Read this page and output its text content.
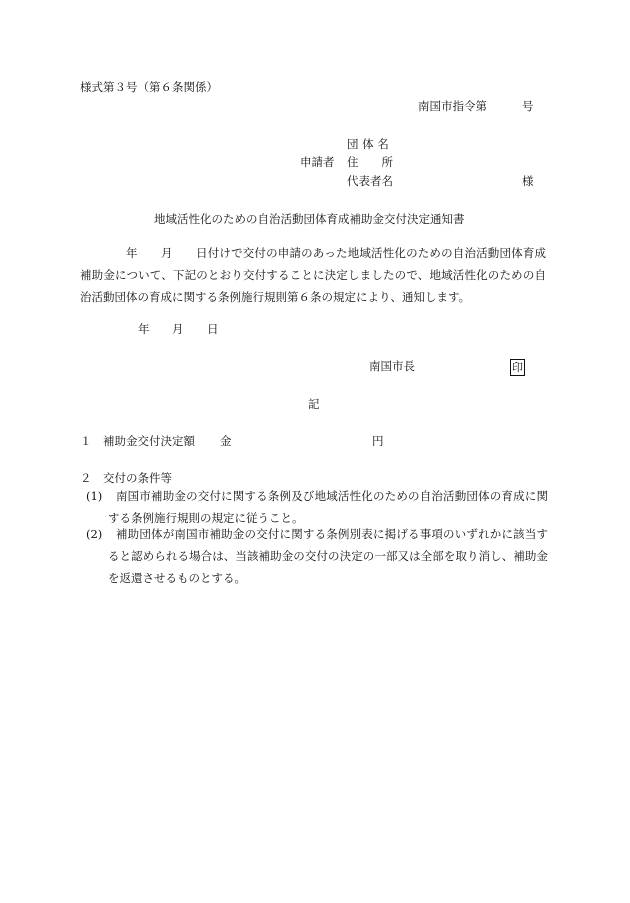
様式第３号（第６条関係）
南国市指令第	号
団 体 名
申請者 住　　所
代表者名	様
地域活性化のための自治活動団体育成補助金交付決定通知書
年　　月　　日付けで交付の申請のあった地域活性化のための自治活動団体育成補助金について、下記のとおり交付することに決定しましたので、地域活性化のための自治活動団体の育成に関する条例施行規則第６条の規定により、通知します。
年 月 日
南国市長	印
記
１ 補助金交付決定額 金	円
２ 交付の条件等
(1)	南国市補助金の交付に関する条例及び地域活性化のための自治活動団体の育成に関する条例施行規則の規定に従うこと。
(2)	補助団体が南国市補助金の交付に関する条例別表に掲げる事項のいずれかに該当すると認められる場合は、当該補助金の交付の決定の一部又は全部を取り消し、補助金を返還させるものとする。
